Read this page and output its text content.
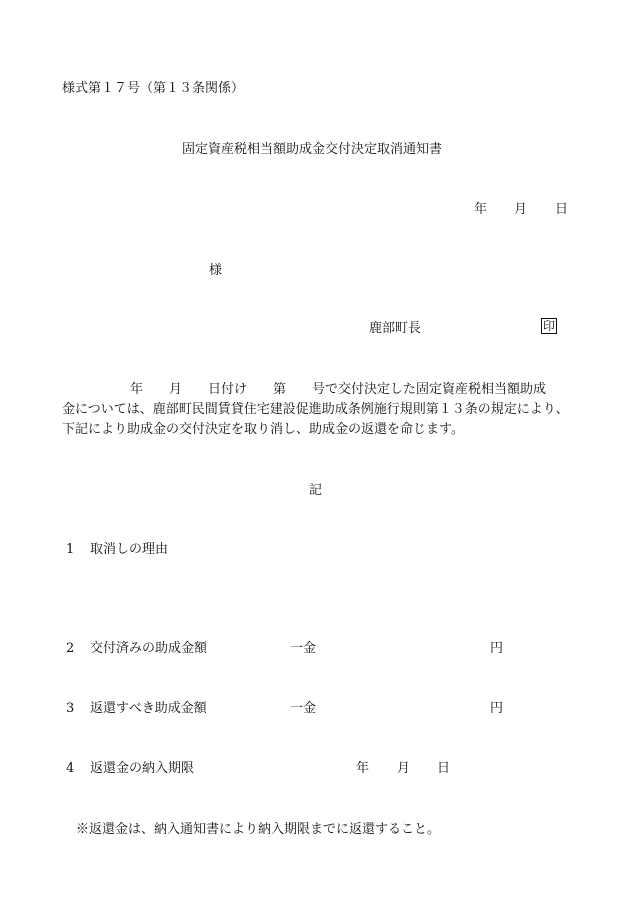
様式第１７号（第１３条関係）
固定資産税相当額助成金交付決定取消通知書
年 月 日
様
鹿部町長	印
年　　月　　日付け　　第　　号で交付決定した固定資産税相当額助成
金については、鹿部町民間賃貸住宅建設促進助成条例施行規則第１３条の規定により、
下記により助成金の交付決定を取り消し、助成金の返還を命じます。
記
1 取消しの理由
2 交付済みの助成金額	一金	円
3 返還すべき助成金額	一金	円
4 返還金の納入期限	年 月 日
※返還金は、納入通知書により納入期限までに返還すること。
